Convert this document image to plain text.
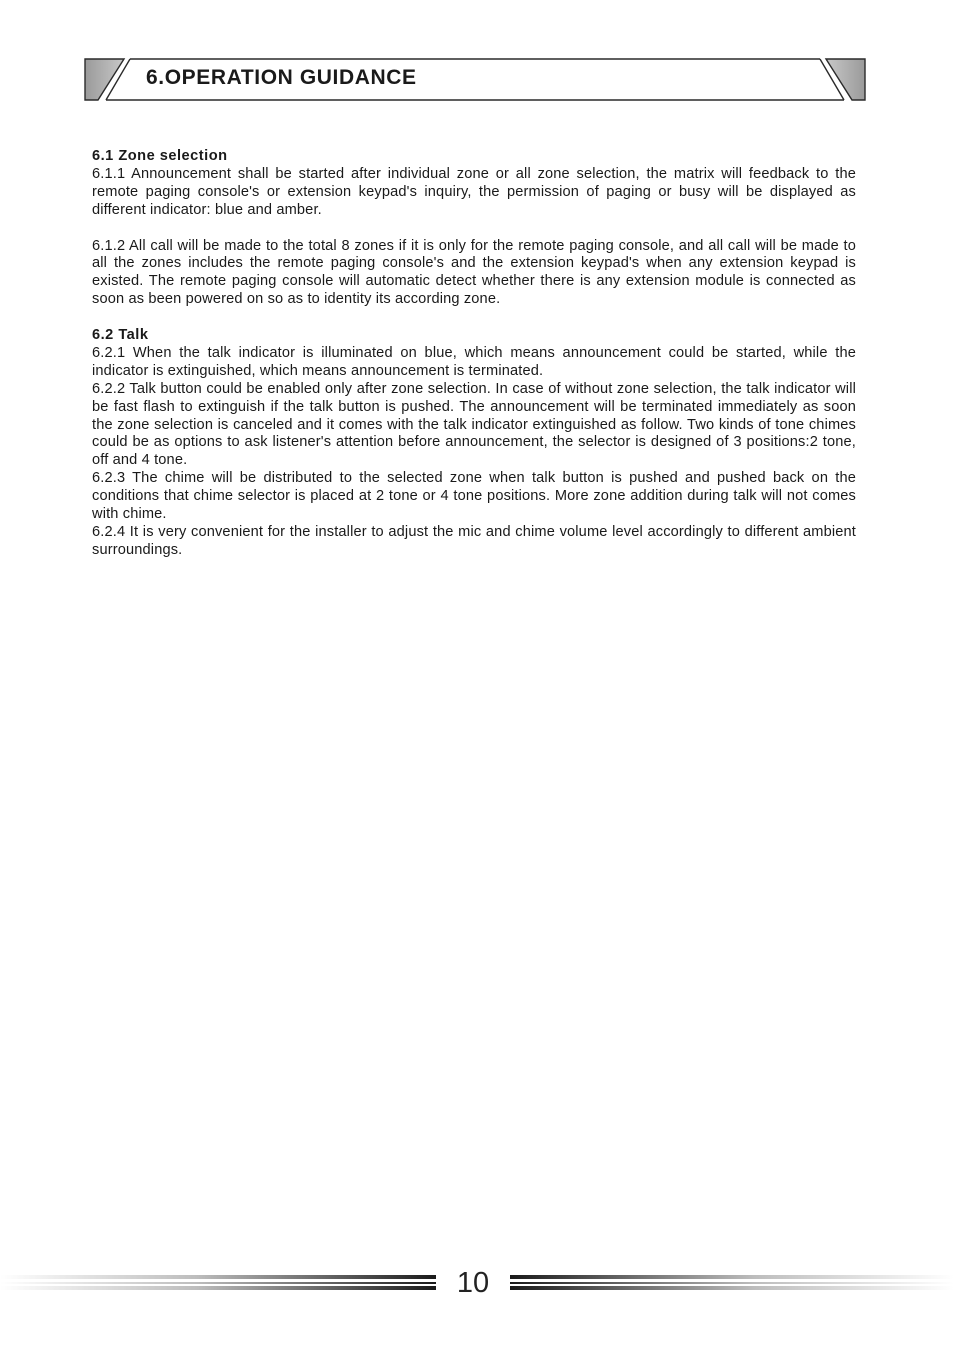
6.OPERATION GUIDANCE

6.1 Zone selection

6.1.1 Announcement shall be started after individual zone or all zone selection, the matrix will feedback to the remote paging console's or extension keypad's inquiry, the permission of paging or busy will be displayed as different indicator: blue and amber.

6.1.2 All call will be made to the total 8 zones if it is only for the remote paging console, and all call will be made to all the zones includes the remote paging console's and the extension keypad's when any extension keypad is existed. The remote paging console will automatic detect whether there is any extension module is connected as soon as been powered on so as to identity its according zone.

6.2 Talk

6.2.1 When the talk indicator is illuminated on blue, which means announcement could be started, while the indicator is extinguished, which means announcement is terminated.

6.2.2 Talk button could be enabled only after zone selection. In case of without zone selection, the talk indicator will be fast flash to extinguish if the talk button is pushed. The announcement will be terminated immediately as soon the zone selection is canceled and it comes with the talk indicator extinguished as follow. Two kinds of tone chimes could be as options to ask listener's attention before announcement, the selector is designed of 3 positions:2 tone, off and 4 tone.

6.2.3 The chime will be distributed to the selected zone when talk button is pushed and pushed back on the conditions that chime selector is placed at 2 tone or 4 tone positions. More zone addition during talk will not comes with chime.

6.2.4 It is very convenient for the installer to adjust the mic and chime volume level accordingly to different ambient surroundings.

10
